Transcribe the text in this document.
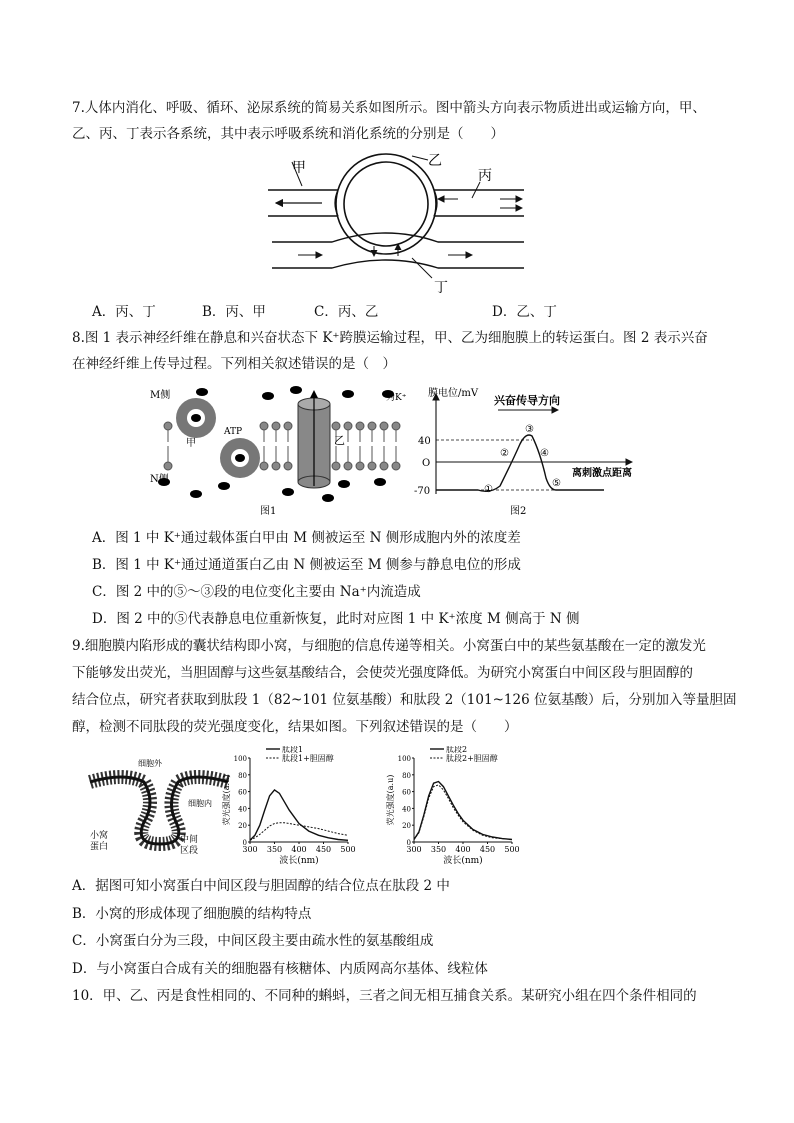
7.人体内消化、呼吸、循环、泌尿系统的简易关系如图所示。图中箭头方向表示物质进出或运输方向，甲、
乙、丙、丁表示各系统，其中表示呼吸系统和消化系统的分别是（　　）
甲	乙
丙
丁
A．丙、丁	B．丙、甲	C．丙、乙	D．乙、丁
8.图 1 表示神经纤维在静息和兴奋状态下 K⁺跨膜运输过程，甲、乙为细胞膜上的转运蛋白。图 2 表示兴奋
在神经纤维上传导过程。下列相关叙述错误的是（　）
M侧
N侧
为K⁺
ATP
甲	乙
图1
膜电位/mV
兴奋传导方向
离刺激点距离
40
O
-70	①
②
③
④
⑤
图2
A．图 1 中 K⁺通过载体蛋白甲由 M 侧被运至 N 侧形成胞内外的浓度差
B．图 1 中 K⁺通过通道蛋白乙由 N 侧被运至 M 侧参与静息电位的形成
C．图 2 中的⑤～③段的电位变化主要由 Na⁺内流造成
D．图 2 中的⑤代表静息电位重新恢复，此时对应图 1 中 K⁺浓度 M 侧高于 N 侧
9.细胞膜内陷形成的囊状结构即小窝，与细胞的信息传递等相关。小窝蛋白中的某些氨基酸在一定的激发光
下能够发出荧光，当胆固醇与这些氨基酸结合，会使荧光强度降低。为研究小窝蛋白中间区段与胆固醇的
结合位点，研究者获取到肽段 1（82~101 位氨基酸）和肽段 2（101~126 位氨基酸）后，分别加入等量胆固
醇，检测不同肽段的荧光强度变化，结果如图。下列叙述错误的是（　　）
细胞外
细胞内
小窝蛋白
中间区段	300 350 400 450 500
0
20
40
60
80
100
波长(nm)
荧光强度(a.u)
肽段1
肽段1+胆固醇
300 350 400 450 500
0
20
40
60
80
100
波长(nm)
荧光强度(a.u)
肽段2
肽段2+胆固醇
A．据图可知小窝蛋白中间区段与胆固醇的结合位点在肽段 2 中
B．小窝的形成体现了细胞膜的结构特点
C．小窝蛋白分为三段，中间区段主要由疏水性的氨基酸组成
D．与小窝蛋白合成有关的细胞器有核糖体、内质网高尔基体、线粒体
10．甲、乙、丙是食性相同的、不同种的蝌蚪，三者之间无相互捕食关系。某研究小组在四个条件相同的
